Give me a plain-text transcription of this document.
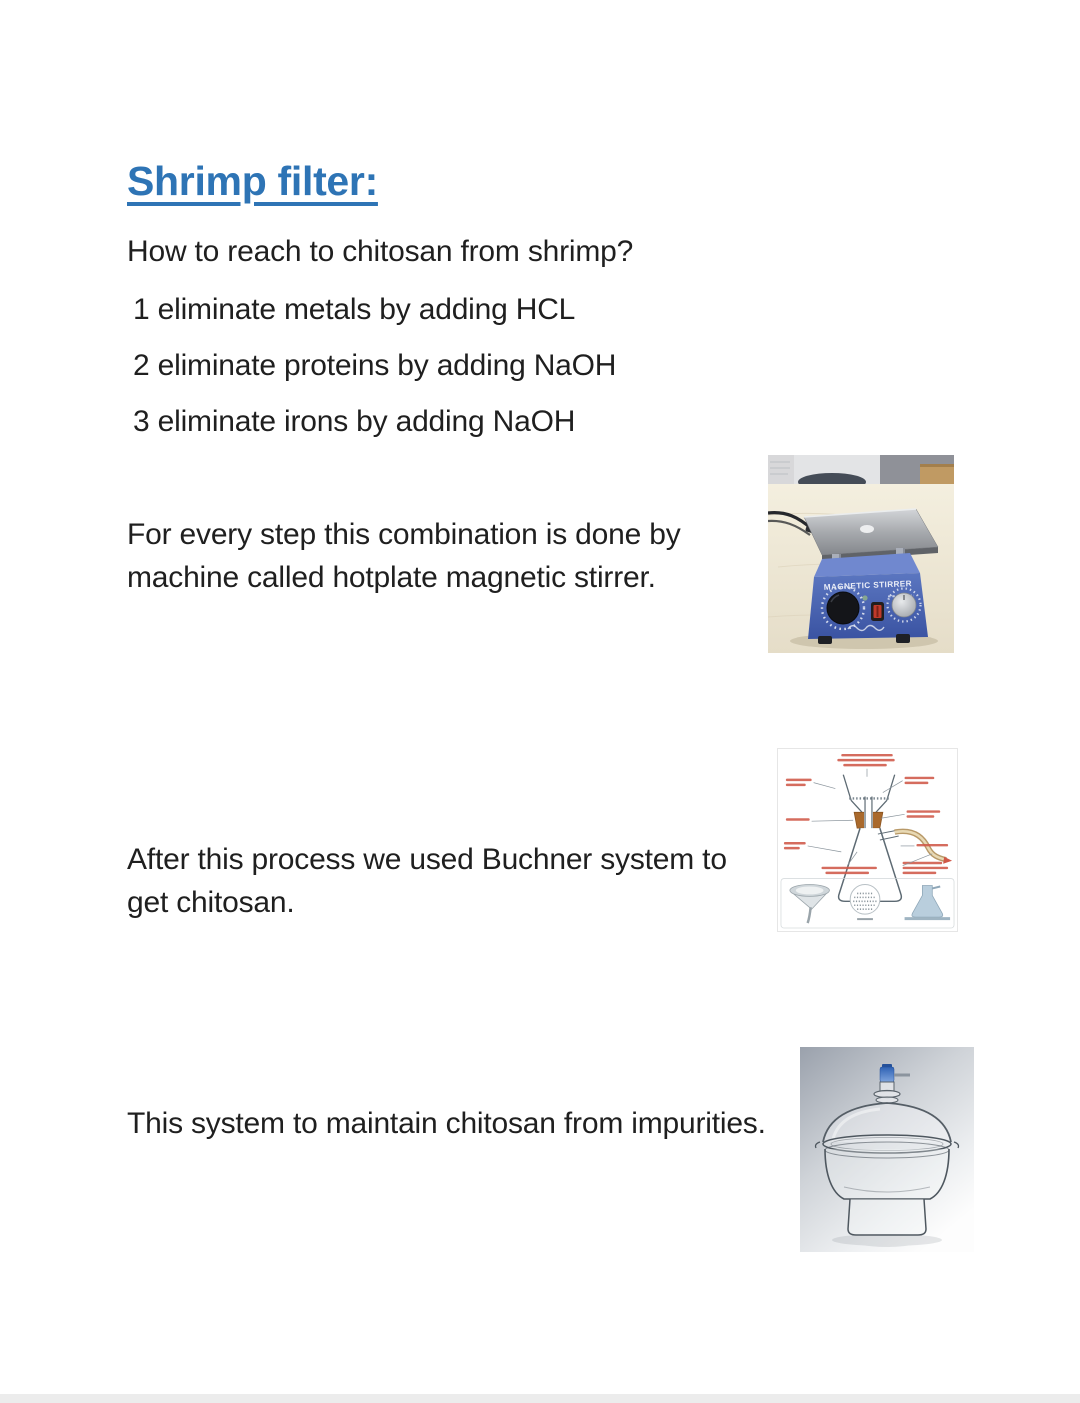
Shrimp filter:

How to reach to chitosan from shrimp?

1 eliminate metals by adding HCL

2 eliminate proteins by adding NaOH

3 eliminate irons by adding NaOH

For every step this combination is done by machine called hotplate magnetic stirrer.	MAGNETIC STIRRER

After this process we used Buchner system to get chitosan.

This system to maintain chitosan from impurities.
